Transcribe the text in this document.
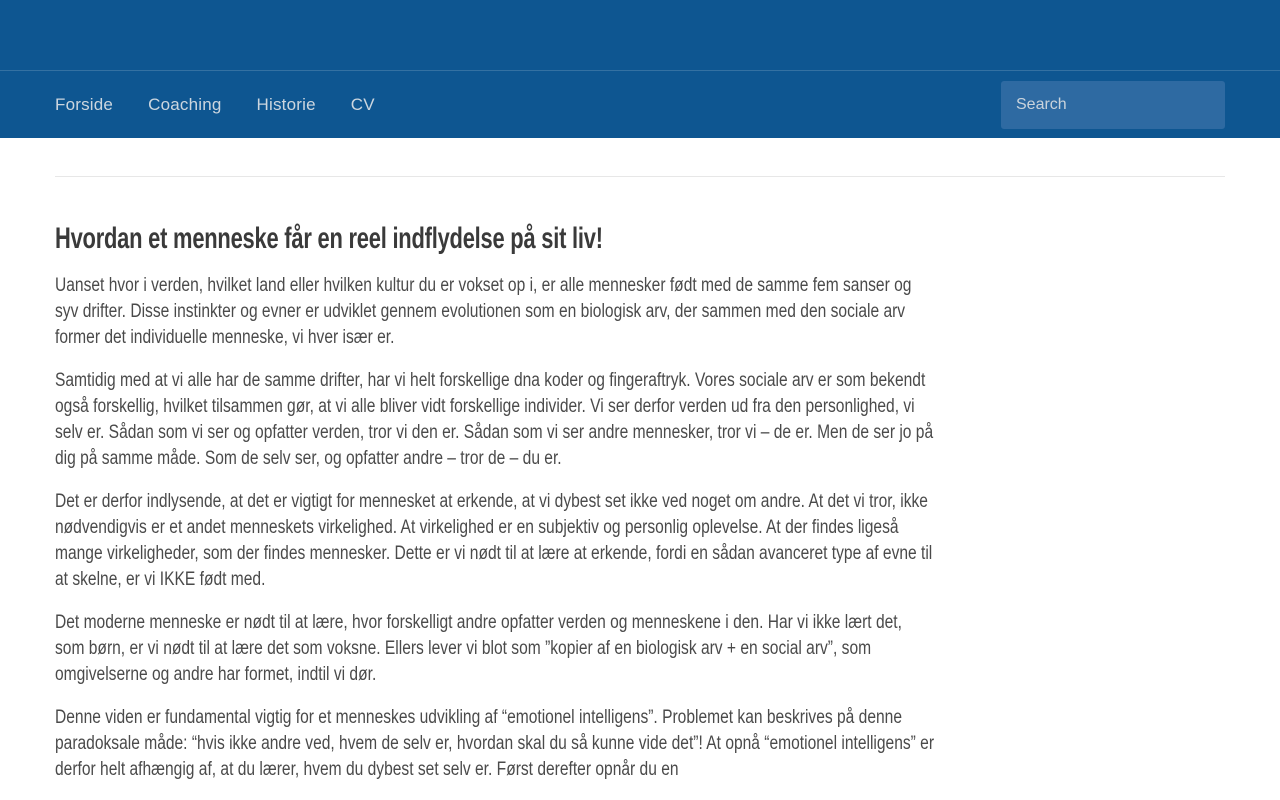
Forside Coaching Historie CV
Search
Hvordan et menneske får en reel indflydelse på sit liv!

Uanset hvor i verden, hvilket land eller hvilken kultur du er vokset op i, er alle mennesker født med de samme fem sanser og syv drifter. Disse instinkter og evner er udviklet gennem evolutionen som en biologisk arv, der sammen med den sociale arv former det individuelle menneske, vi hver især er.

Samtidig med at vi alle har de samme drifter, har vi helt forskellige dna koder og fingeraftryk. Vores sociale arv er som bekendt også forskellig, hvilket tilsammen gør, at vi alle bliver vidt forskellige individer. Vi ser derfor verden ud fra den personlighed, vi selv er. Sådan som vi ser og opfatter verden, tror vi den er. Sådan som vi ser andre mennesker, tror vi – de er. Men de ser jo på dig på samme måde. Som de selv ser, og opfatter andre – tror de – du er.

Det er derfor indlysende, at det er vigtigt for mennesket at erkende, at vi dybest set ikke ved noget om andre. At det vi tror, ikke nødvendigvis er et andet menneskets virkelighed. At virkelighed er en subjektiv og personlig oplevelse. At der findes ligeså mange virkeligheder, som der findes mennesker. Dette er vi nødt til at lære at erkende, fordi en sådan avanceret type af evne til at skelne, er vi IKKE født med.

Det moderne menneske er nødt til at lære, hvor forskelligt andre opfatter verden og menneskene i den. Har vi ikke lært det, som børn, er vi nødt til at lære det som voksne. Ellers lever vi blot som ”kopier af en biologisk arv + en social arv”, som omgivelserne og andre har formet, indtil vi dør.

Denne viden er fundamental vigtig for et menneskes udvikling af “emotionel intelligens”. Problemet kan beskrives på denne paradoksale måde: “hvis ikke andre ved, hvem de selv er, hvordan skal du så kunne vide det”! At opnå “emotionel intelligens” er derfor helt afhængig af, at du lærer, hvem du dybest set selv er. Først derefter opnår du en
